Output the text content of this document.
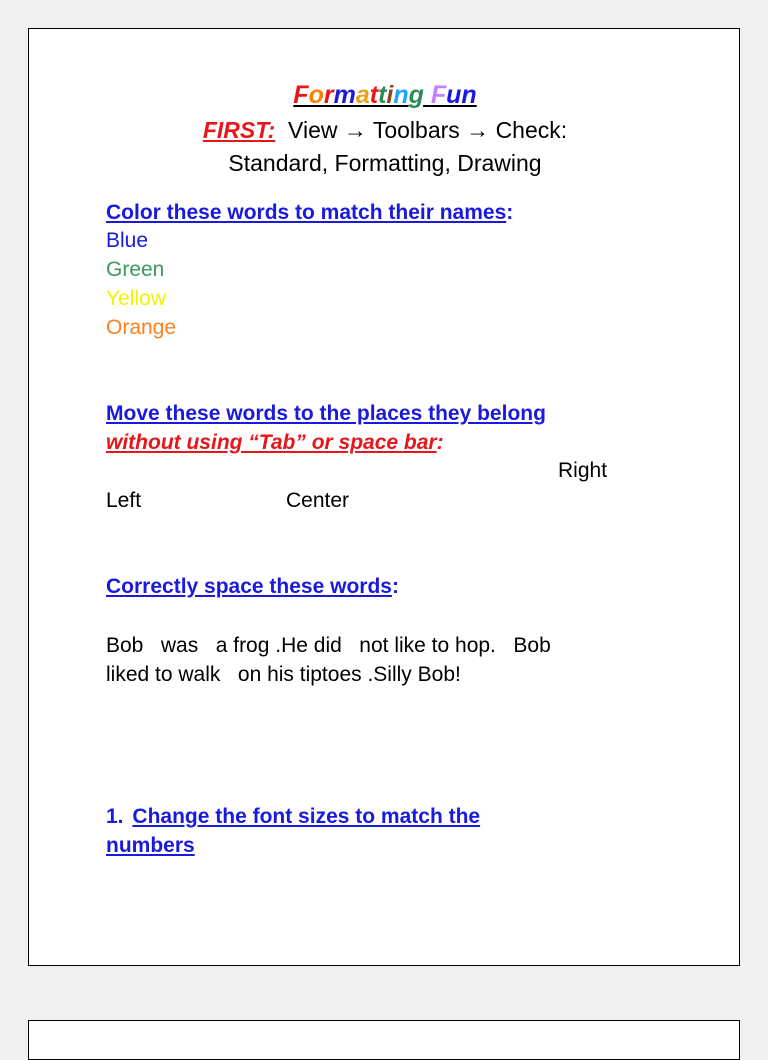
Formatting Fun
FIRST: View → Toolbars → Check:
Standard, Formatting, Drawing
Color these words to match their names:
Blue
Green
Yellow
Orange
Move these words to the places they belong
without using “Tab” or space bar:
Right
Left	Center
Correctly space these words:
Bob   was   a frog .He did   not like to hop.   Bob
liked to walk   on his tiptoes .Silly Bob!
1. Change the font sizes to match the
numbers
